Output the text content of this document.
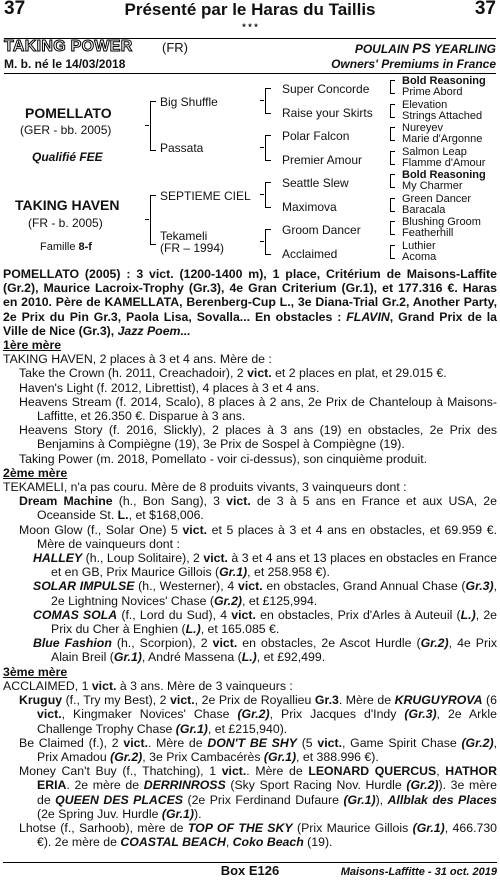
37	Présenté par le Haras du Taillis	37
* * *
TAKING POWER (FR)	POULAIN PS YEARLING
M. b. né le 14/03/2018	Owners' Premiums in France
POMELLATO
(GER - bb. 2005)
Qualifié FEE
TAKING HAVEN
(FR - b. 2005)
Famille 8-f
Big Shuffle
Passata
SEPTIEME CIEL
Tekameli
(FR – 1994)
Super Concorde
Raise your Skirts
Polar Falcon
Premier Amour
Seattle Slew
Maximova
Groom Dancer
Acclaimed
Bold Reasoning
Prime Abord
Elevation
Strings Attached
Nureyev
Marie d'Argonne
Salmon Leap
Flamme d'Amour
Bold Reasoning
My Charmer
Green Dancer
Baracala
Blushing Groom
Featherhill
Luthier
Acoma

POMELLATO (2005) : 3 vict. (1200-1400 m), 1 place, Critérium de Maisons-Laffite (Gr.2), Maurice Lacroix-Trophy (Gr.3), 4e Gran Criterium (Gr.1), et 177.316 €. Haras en 2010. Père de KAMELLATA, Berenberg-Cup L., 3e Diana-Trial Gr.2, Another Party, 2e Prix du Pin Gr.3, Paola Lisa, Sovalla... En obstacles : FLAVIN, Grand Prix de la Ville de Nice (Gr.3), Jazz Poem...

1ère mère

TAKING HAVEN, 2 places à 3 et 4 ans. Mère de :

Take the Crown (h. 2011, Creachadoir), 2 vict. et 2 places en plat, et 29.015 €.

Haven's Light (f. 2012, Librettist), 4 places à 3 et 4 ans.

Heavens Stream (f. 2014, Scalo), 8 places à 2 ans, 2e Prix de Chanteloup à Maisons-Laffitte, et 26.350 €. Disparue à 3 ans.

Heavens Story (f. 2016, Slickly), 2 places à 3 ans (19) en obstacles, 2e Prix des Benjamins à Compiègne (19), 3e Prix de Sospel à Compiègne (19).

Taking Power (m. 2018, Pomellato - voir ci-dessus), son cinquième produit.

2ème mère

TEKAMELI, n'a pas couru. Mère de 8 produits vivants, 3 vainqueurs dont :

Dream Machine (h., Bon Sang), 3 vict. de 3 à 5 ans en France et aux USA, 2e Oceanside St. L., et $168,006.

Moon Glow (f., Solar One) 5 vict. et 5 places à 3 et 4 ans en obstacles, et 69.959 €. Mère de vainqueurs dont :

HALLEY (h., Loup Solitaire), 2 vict. à 3 et 4 ans et 13 places en obstacles en France et en GB, Prix Maurice Gillois (Gr.1), et 258.958 €).

SOLAR IMPULSE (h., Westerner), 4 vict. en obstacles, Grand Annual Chase (Gr.3), 2e Lightning Novices' Chase (Gr.2), et £125,994.

COMAS SOLA (f., Lord du Sud), 4 vict. en obstacles, Prix d'Arles à Auteuil (L.), 2e Prix du Cher à Enghien (L.), et 165.085 €.

Blue Fashion (h., Scorpion), 2 vict. en obstacles, 2e Ascot Hurdle (Gr.2), 4e Prix Alain Breil (Gr.1), André Massena (L.), et £92,499.

3ème mère

ACCLAIMED, 1 vict. à 3 ans. Mère de 3 vainqueurs :

Kruguy (f., Try my Best), 2 vict., 2e Prix de Royallieu Gr.3. Mère de KRUGUYROVA (6 vict., Kingmaker Novices' Chase (Gr.2), Prix Jacques d'Indy (Gr.3), 2e Arkle Challenge Trophy Chase (Gr.1), et £215,940).

Be Claimed (f.), 2 vict.. Mère de DON'T BE SHY (5 vict., Game Spirit Chase (Gr.2), Prix Amadou (Gr.2), 3e Prix Cambacérès (Gr.1), et 388.996 €).

Money Can't Buy (f., Thatching), 1 vict.. Mère de LEONARD QUERCUS, HATHOR ERIA. 2e mère de DERRINROSS (Sky Sport Racing Nov. Hurdle (Gr.2)). 3e mère de QUEEN DES PLACES (2e Prix Ferdinand Dufaure (Gr.1)), Allblak des Places (2e Spring Juv. Hurdle (Gr.1)).

Lhotse (f., Sarhoob), mère de TOP OF THE SKY (Prix Maurice Gillois (Gr.1), 466.730 €). 2e mère de COASTAL BEACH, Coko Beach (19).

Box E126	Maisons-Laffitte - 31 oct. 2019
